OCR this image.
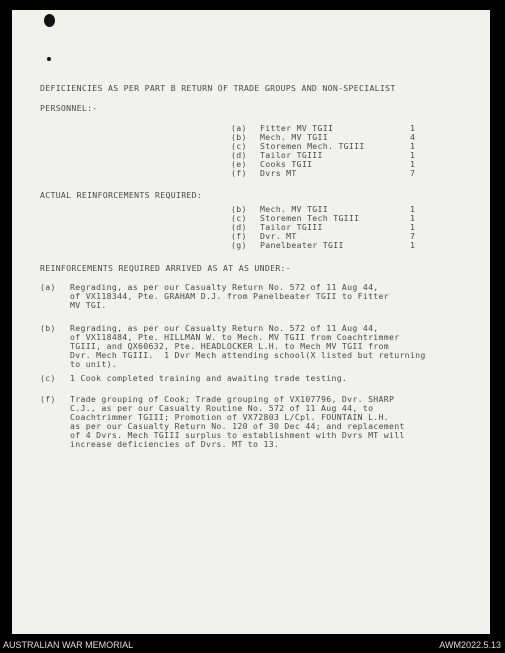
DEFICIENCIES AS PER PART B RETURN OF TRADE GROUPS AND NON-SPECIALIST
PERSONNEL:-
(a) Fitter MV TGII	1
(b) Mech. MV TGII	4
(c) Storemen Mech. TGIII	1
(d) Tailor TGIII	1
(e) Cooks TGII	1
(f) Dvrs MT	7
ACTUAL REINFORCEMENTS REQUIRED:
(b) Mech. MV TGII	1
(c) Storemen Tech TGIII	1
(d) Tailor TGIII	1
(f) Dvr. MT	7
(g) Panelbeater TGII	1
REINFORCEMENTS REQUIRED ARRIVED AS AT AS UNDER:-
(a) Regrading, as per our Casualty Return No. 572 of 11 Aug 44,
of VX118344, Pte. GRAHAM D.J. from Panelbeater TGII to Fitter
MV TGI.
(b) Regrading, as per our Casualty Return No. 572 of 11 Aug 44,
of VX118484, Pte. HILLMAN W. to Mech. MV TGII from Coachtrimmer
TGIII, and QX60632, Pte. HEADLOCKER L.H. to Mech MV TGII from
Dvr. Mech TGIII.  1 Dvr Mech attending school(X listed but returning
to unit).
(c) 1 Cook completed training and awaiting trade testing.
(f) Trade grouping of Cook; Trade grouping of VX107796, Dvr. SHARP
C.J., as per our Casualty Routine No. 572 of 11 Aug 44, to
Coachtrimmer TGIII; Promotion of VX72803 L/Cpl. FOUNTAIN L.H.
as per our Casualty Return No. 120 of 30 Dec 44; and replacement
of 4 Dvrs. Mech TGIII surplus to establishment with Dvrs MT will
increase deficiencies of Dvrs. MT to 13.
AUSTRALIAN WAR MEMORIAL	AWM2022.5.13
